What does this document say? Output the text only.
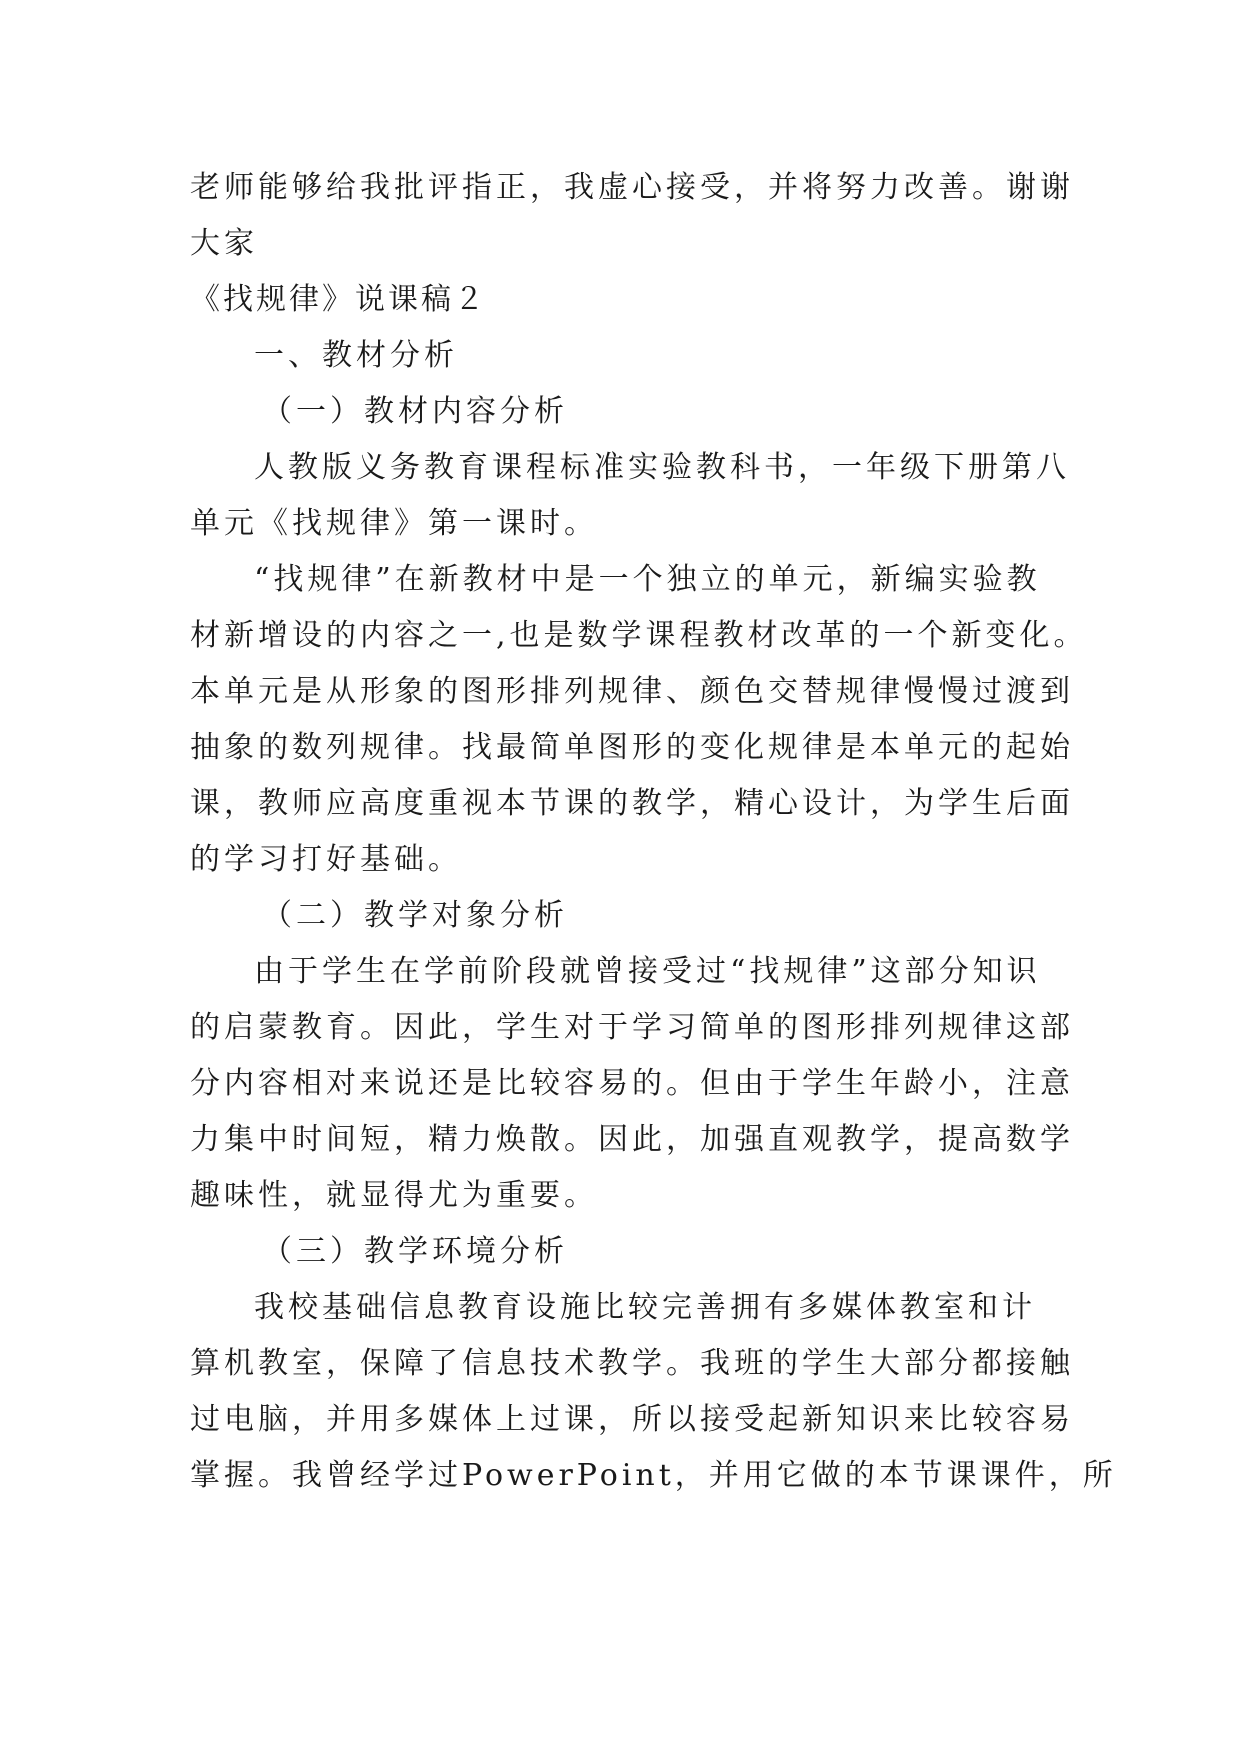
老师能够给我批评指正，我虚心接受，并将努力改善。谢谢
大家
《找规律》说课稿２
一、教材分析
（一）教材内容分析
人教版义务教育课程标准实验教科书，一年级下册第八
单元《找规律》第一课时。
“找规律”在新教材中是一个独立的单元，新编实验教
材新增设的内容之一,也是数学课程教材改革的一个新变化。
本单元是从形象的图形排列规律、颜色交替规律慢慢过渡到
抽象的数列规律。找最简单图形的变化规律是本单元的起始
课，教师应高度重视本节课的教学，精心设计，为学生后面
的学习打好基础。
（二）教学对象分析
由于学生在学前阶段就曾接受过“找规律”这部分知识
的启蒙教育。因此，学生对于学习简单的图形排列规律这部
分内容相对来说还是比较容易的。但由于学生年龄小，注意
力集中时间短，精力焕散。因此，加强直观教学，提高数学
趣味性，就显得尤为重要。
（三）教学环境分析
我校基础信息教育设施比较完善拥有多媒体教室和计
算机教室，保障了信息技术教学。我班的学生大部分都接触
过电脑，并用多媒体上过课，所以接受起新知识来比较容易
掌握。我曾经学过PowerPoint，并用它做的本节课课件，所
